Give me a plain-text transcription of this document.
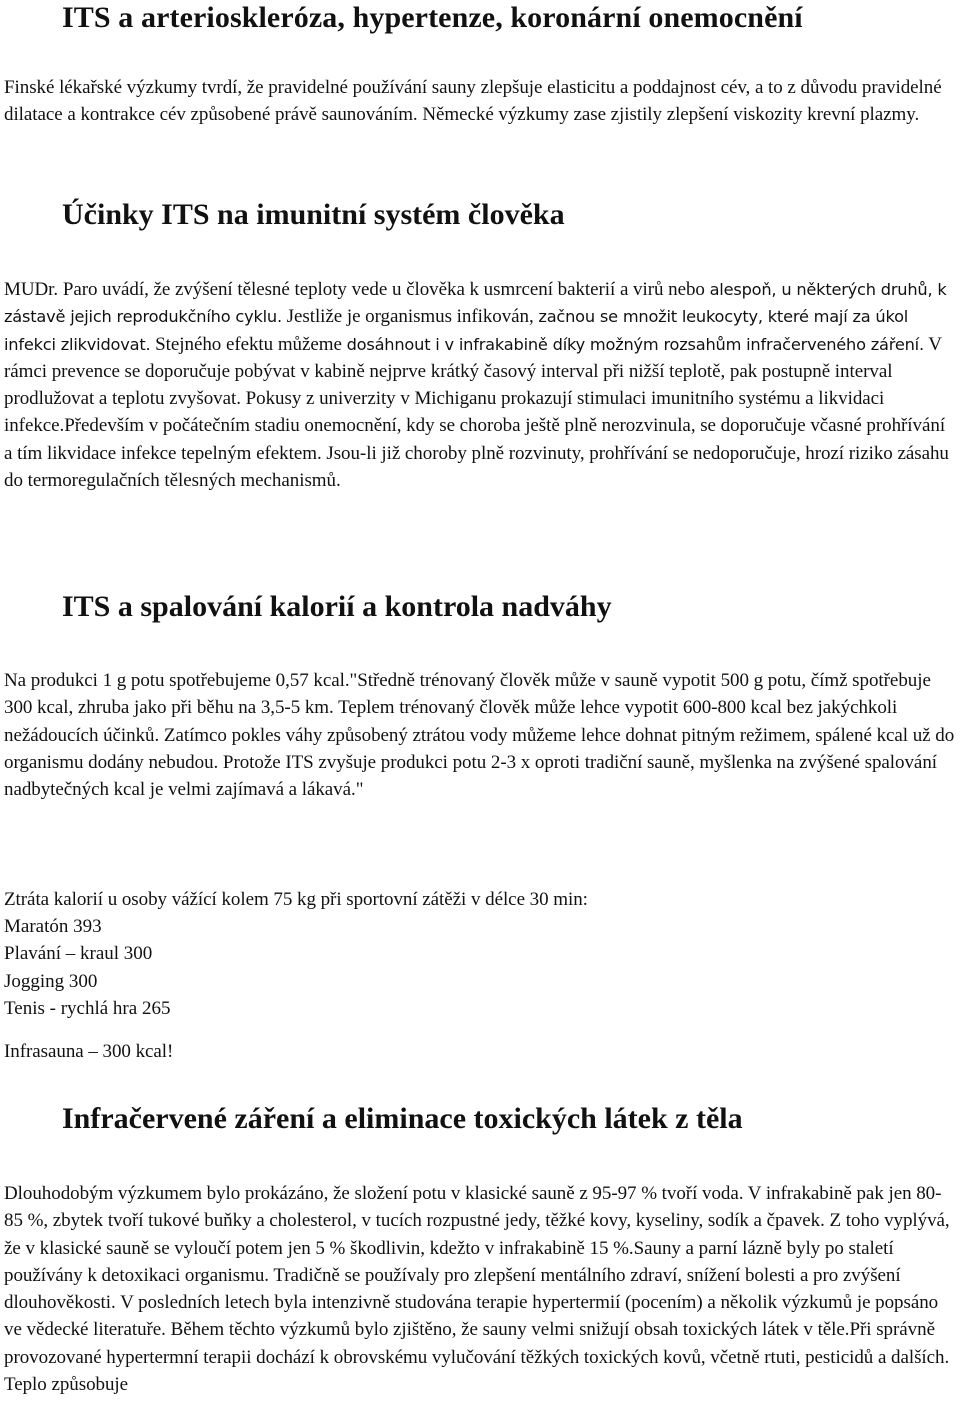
ITS a arterioskleróza, hypertenze, koronární onemocnění

Finské lékařské výzkumy tvrdí, že pravidelné používání sauny zlepšuje elasticitu a poddajnost cév, a to z důvodu pravidelné dilatace a kontrakce cév způsobené právě saunováním. Německé výzkumy zase zjistily zlepšení viskozity krevní plazmy.

Účinky ITS na imunitní systém člověka

MUDr. Paro uvádí, že zvýšení tělesné teploty vede u člověka k usmrcení bakterií a virů nebo alespoň, u některých druhů, k zástavě jejich reprodukčního cyklu. Jestliže je organismus infikován, začnou se množit leukocyty, které mají za úkol infekci zlikvidovat. Stejného efektu můžeme dosáhnout i v infrakabině díky možným rozsahům infračerveného záření. V rámci prevence se doporučuje pobývat v kabině nejprve krátký časový interval při nižší teplotě, pak postupně interval prodlužovat a teplotu zvyšovat. Pokusy z univerzity v Michiganu prokazují stimulaci imunitního systému a likvidaci infekce.Především v počátečním stadiu onemocnění, kdy se choroba ještě plně nerozvinula, se doporučuje včasné prohřívání a tím likvidace infekce tepelným efektem. Jsou-li již choroby plně rozvinuty, prohřívání se nedoporučuje, hrozí riziko zásahu do termoregulačních tělesných mechanismů.

ITS a spalování kalorií a kontrola nadváhy

Na produkci 1 g potu spotřebujeme 0,57 kcal."Středně trénovaný člověk může v sauně vypotit 500 g potu, čímž spotřebuje 300 kcal, zhruba jako při běhu na 3,5-5 km. Teplem trénovaný člověk může lehce vypotit 600-800 kcal bez jakýchkoli nežádoucích účinků. Zatímco pokles váhy způsobený ztrátou vody můžeme lehce dohnat pitným režimem, spálené kcal už do organismu dodány nebudou. Protože ITS zvyšuje produkci potu 2-3 x oproti tradiční sauně, myšlenka na zvýšené spalování nadbytečných kcal je velmi zajímavá a lákavá."

Ztráta kalorií u osoby vážící kolem 75 kg při sportovní zátěži v délce 30 min:

Maratón 393
Plavání – kraul 300
Jogging 300
Tenis - rychlá hra 265

Infrasauna – 300 kcal!

Infračervené záření a eliminace toxických látek z těla

Dlouhodobým výzkumem bylo prokázáno, že složení potu v klasické sauně z 95-97 % tvoří voda. V infrakabině pak jen 80-85 %, zbytek tvoří tukové buňky a cholesterol, v tucích rozpustné jedy, těžké kovy, kyseliny, sodík a čpavek. Z toho vyplývá, že v klasické sauně se vyloučí potem jen 5 % škodlivin, kdežto v infrakabině 15 %.Sauny a parní lázně byly po staletí používány k detoxikaci organismu. Tradičně se používaly pro zlepšení mentálního zdraví, snížení bolesti a pro zvýšení dlouhověkosti. V posledních letech byla intenzivně studována terapie hypertermií (pocením) a několik výzkumů je popsáno ve vědecké literatuře. Během těchto výzkumů bylo zjištěno, že sauny velmi snižují obsah toxických látek v těle.Při správně provozované hypertermní terapii dochází k obrovskému vylučování těžkých toxických kovů, včetně rtuti, pesticidů a dalších. Teplo způsobuje
